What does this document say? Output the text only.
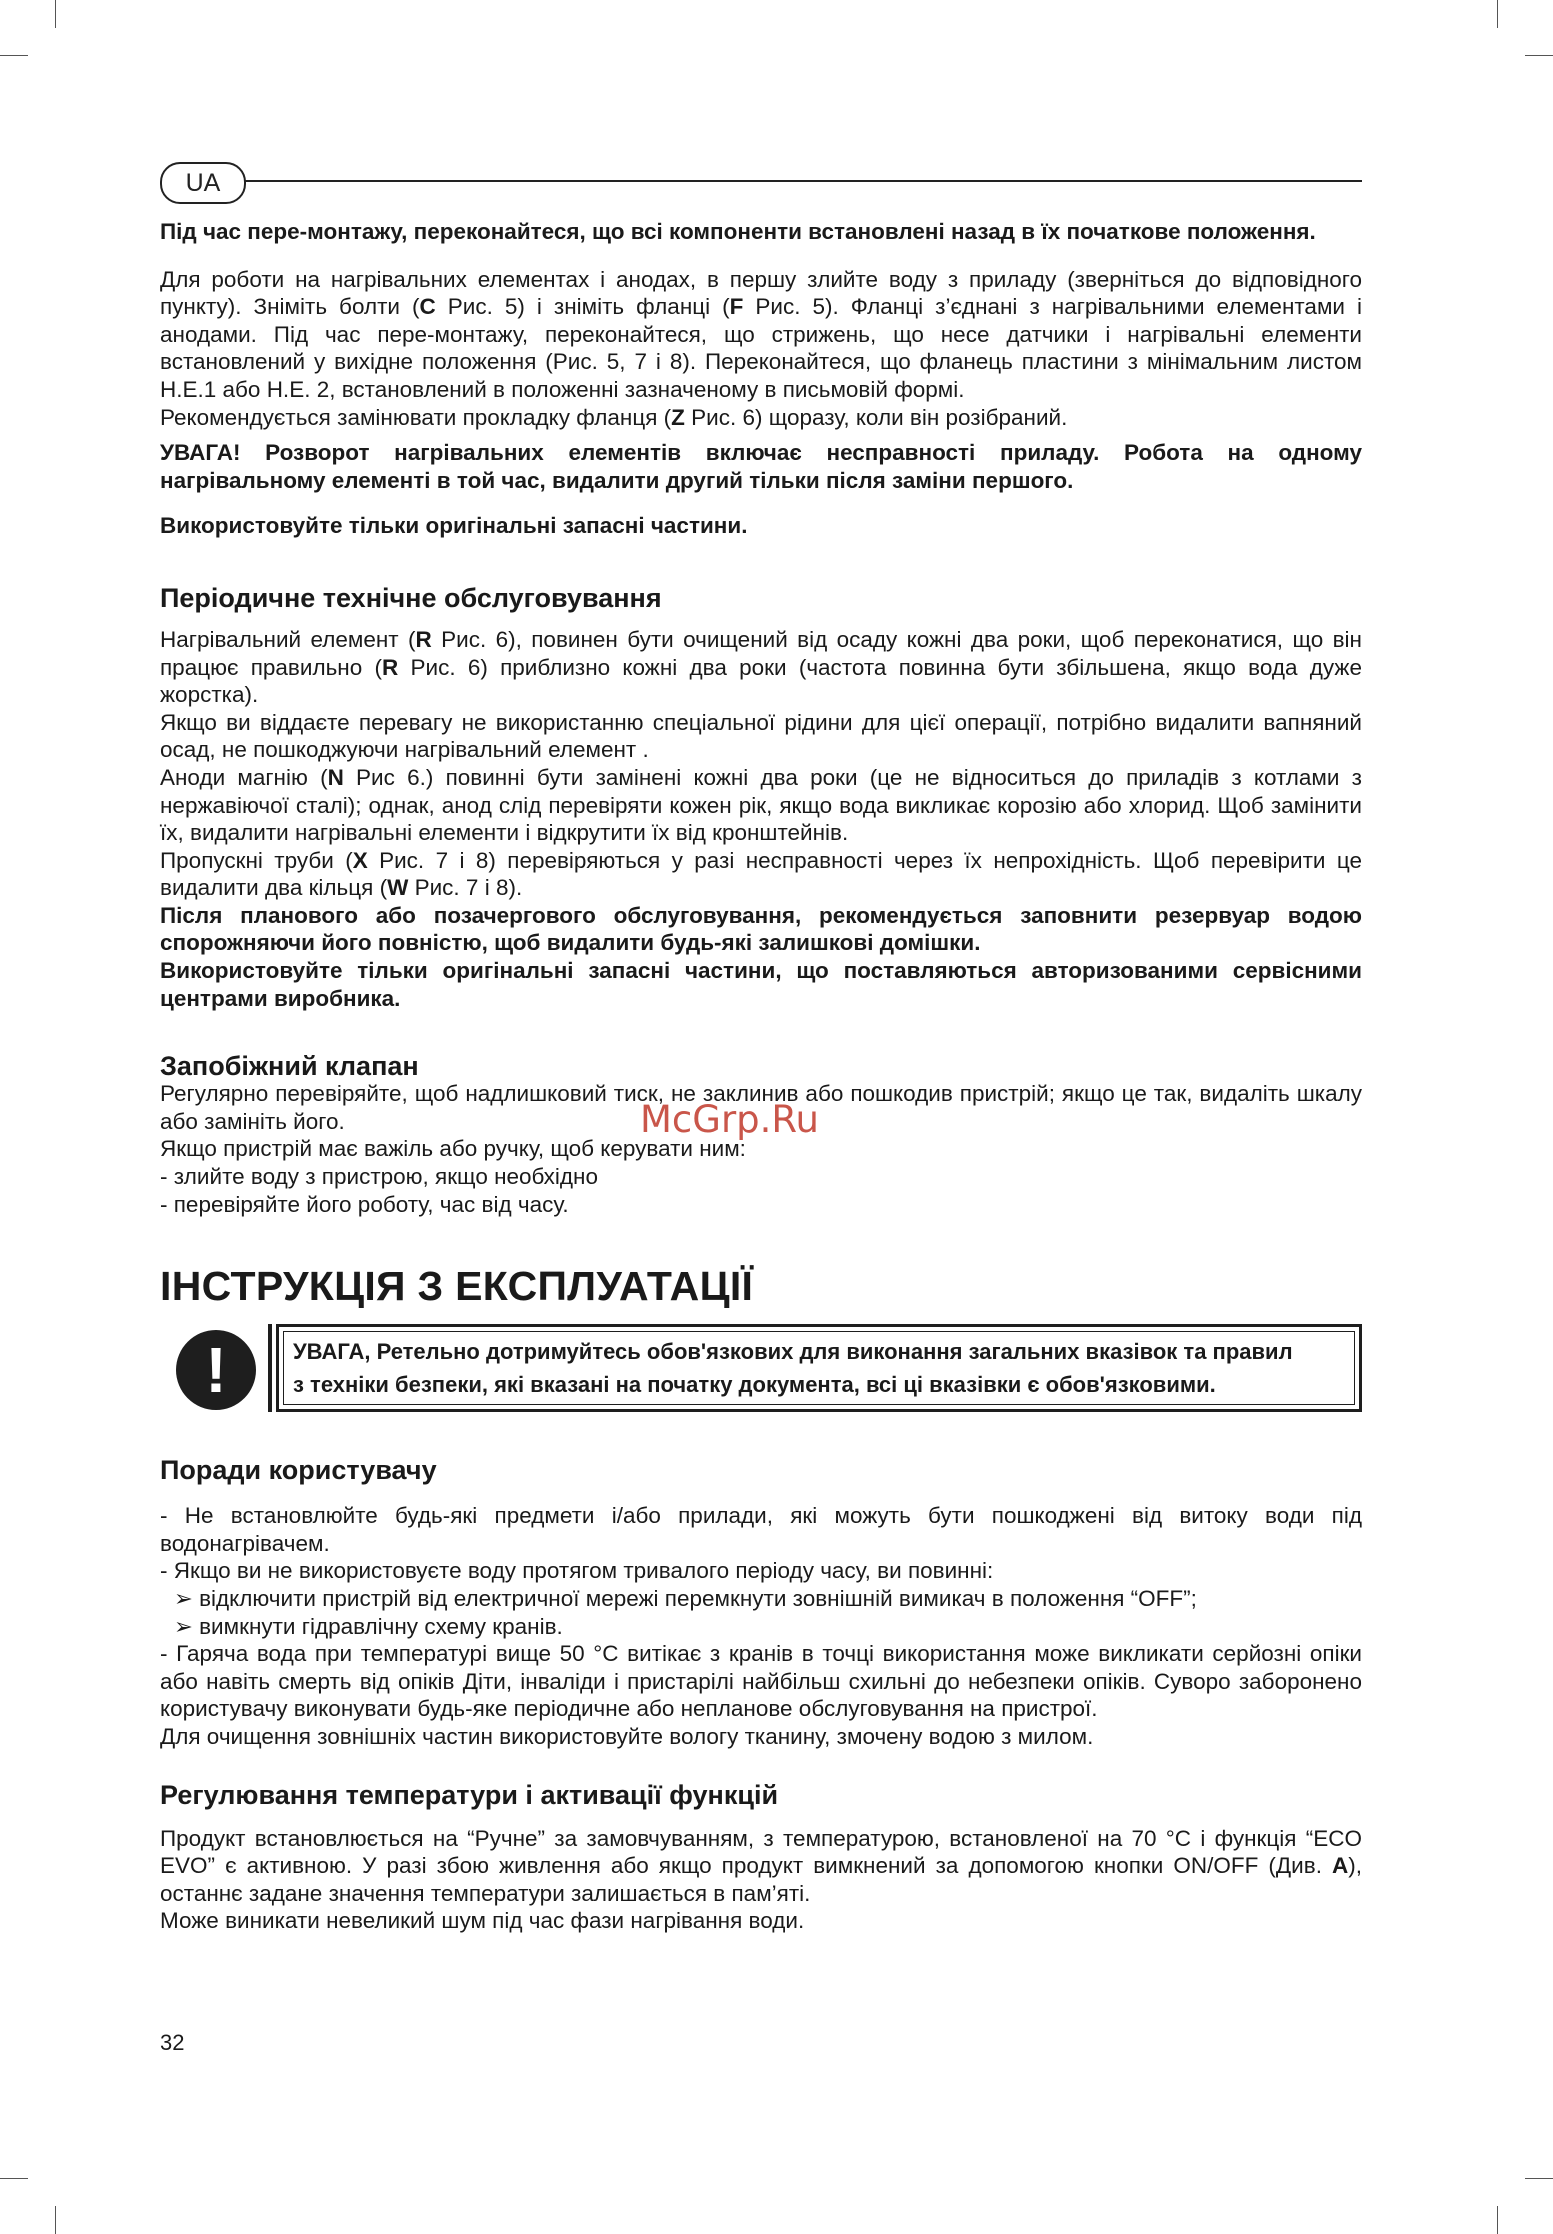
UA

Під час пере-монтажу, переконайтеся, що всі компоненти встановлені назад в їх початкове положення.

Для роботи на нагрівальних елементах і анодах, в першу злийте воду з приладу (зверніться до відповідного пункту). Зніміть болти (C Рис. 5) і зніміть фланці (F Рис. 5). Фланці з’єднані з нагрівальними елементами і анодами. Під час пере-монтажу, переконайтеся, що стрижень, що несе датчики і нагрівальні елементи встановлений у вихідне положення (Рис. 5, 7 і 8). Переконайтеся, що фланець пластини з мінімальним листом H.E.1 або H.E. 2, встановлений в положенні зазначеному в письмовій формі.

Рекомендується замінювати прокладку фланця (Z Рис. 6) щоразу, коли він розібраний.

УВАГА! Розворот нагрівальних елементів включає несправності приладу. Робота на одному нагрівальному елементі в той час, видалити другий тільки після заміни першого.

Використовуйте тільки оригінальні запасні частини.

Періодичне технічне обслуговування

Нагрівальний елемент (R Рис. 6), повинен бути очищений від осаду кожні два роки, щоб переконатися, що він працює правильно (R Рис. 6) приблизно кожні два роки (частота повинна бути збільшена, якщо вода дуже жорстка).

Якщо ви віддаєте перевагу не використанню спеціальної рідини для цієї операції, потрібно видалити вапняний осад, не пошкоджуючи нагрівальний елемент .

Аноди магнію (N Рис 6.) повинні бути замінені кожні два роки (це не відноситься до приладів з котлами з нержавіючої сталі); однак, анод слід перевіряти кожен рік, якщо вода викликає корозію або хлорид. Щоб замінити їх, видалити нагрівальні елементи і відкрутити їх від кронштейнів.

Пропускні труби (X Рис. 7 і 8) перевіряються у разі несправності через їх непрохідність. Щоб перевірити це видалити два кільця (W Рис. 7 і 8).

Після планового або позачергового обслуговування, рекомендується заповнити резервуар водою спорожняючи його повністю, щоб видалити будь-які залишкові домішки.

Використовуйте тільки оригінальні запасні частини, що поставляються авторизованими сервісними центрами виробника.

Запобіжний клапан

Регулярно перевіряйте, щоб надлишковий тиск, не заклинив або пошкодив пристрій; якщо це так, видаліть шкалу або замініть його.

Якщо пристрій має важіль або ручку, щоб керувати ним:

- злийте воду з пристрою, якщо необхідно

- перевіряйте його роботу, час від часу.

ІНСТРУКЦІЯ З ЕКСПЛУАТАЦІЇ
!	УВАГА, Ретельно дотримуйтесь обов'язкових для виконання загальних вказівок та правил
з техніки безпеки, які вказані на початку документа, всі ці вказівки є обов'язковими.
Поради користувачу

- Не встановлюйте будь-які предмети і/або прилади, які можуть бути пошкоджені від витоку води під водонагрівачем.

- Якщо ви не використовуєте воду протягом тривалого періоду часу, ви повинні:

➢ відключити пристрій від електричної мережі перемкнути зовнішній вимикач в положення “OFF”;

➢ вимкнути гідравлічну схему кранів.

- Гаряча вода при температурі вище 50 °C витікає з кранів в точці використання може викликати серйозні опіки або навіть смерть від опіків Діти, інваліди і пристарілі найбільш схильні до небезпеки опіків. Суворо заборонено користувачу виконувати будь-яке періодичне або непланове обслуговування на пристрої.

Для очищення зовнішніх частин використовуйте вологу тканину, змочену водою з милом.

Регулювання температури і активації функцій

Продукт встановлюється на “Ручне” за замовчуванням, з температурою, встановленої на 70 °C і функція “ECO EVO” є активною. У разі збою живлення або якщо продукт вимкнений за допомогою кнопки ON/OFF (Див. A), останнє задане значення температури залишається в пам’яті.

Може виникати невеликий шум під час фази нагрівання води.

McGrp.Ru
32
